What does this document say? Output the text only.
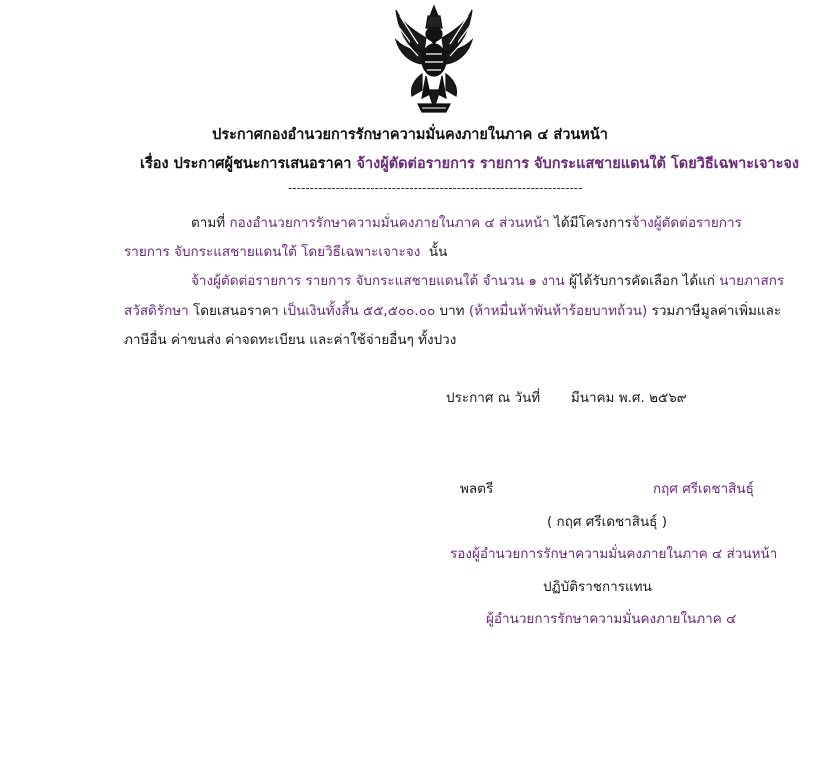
ประกาศกองอำนวยการรักษาความมั่นคงภายในภาค ๔ ส่วนหน้า
เรื่อง ประกาศผู้ชนะการเสนอราคา จ้างผู้ตัดต่อรายการ รายการ จับกระแสชายแดนใต้ โดยวิธีเฉพาะเจาะจง
--------------------------------------------------------------------
ตามที่ กองอำนวยการรักษาความมั่นคงภายในภาค ๔ ส่วนหน้า ได้มีโครงการจ้างผู้ตัดต่อรายการ
รายการ จับกระแสชายแดนใต้ โดยวิธีเฉพาะเจาะจง นั้น
จ้างผู้ตัดต่อรายการ รายการ จับกระแสชายแดนใต้ จำนวน ๑ งาน ผู้ได้รับการคัดเลือก ได้แก่ นายภาสกร
สวัสดิรักษา โดยเสนอราคา เป็นเงินทั้งสิ้น ๕๕,๕๐๐.๐๐ บาท (ห้าหมื่นห้าพันห้าร้อยบาทถ้วน) รวมภาษีมูลค่าเพิ่มและ
ภาษีอื่น ค่าขนส่ง ค่าจดทะเบียน และค่าใช้จ่ายอื่นๆ ทั้งปวง
ประกาศ ณ วันที่ มีนาคม พ.ศ. ๒๕๖๙
พลตรี	กฤศ ศรีเดชาสินธุ์
( กฤศ ศรีเดชาสินธุ์ )
รองผู้อำนวยการรักษาความมั่นคงภายในภาค ๔ ส่วนหน้า
ปฏิบัติราชการแทน
ผู้อำนวยการรักษาความมั่นคงภายในภาค ๔
